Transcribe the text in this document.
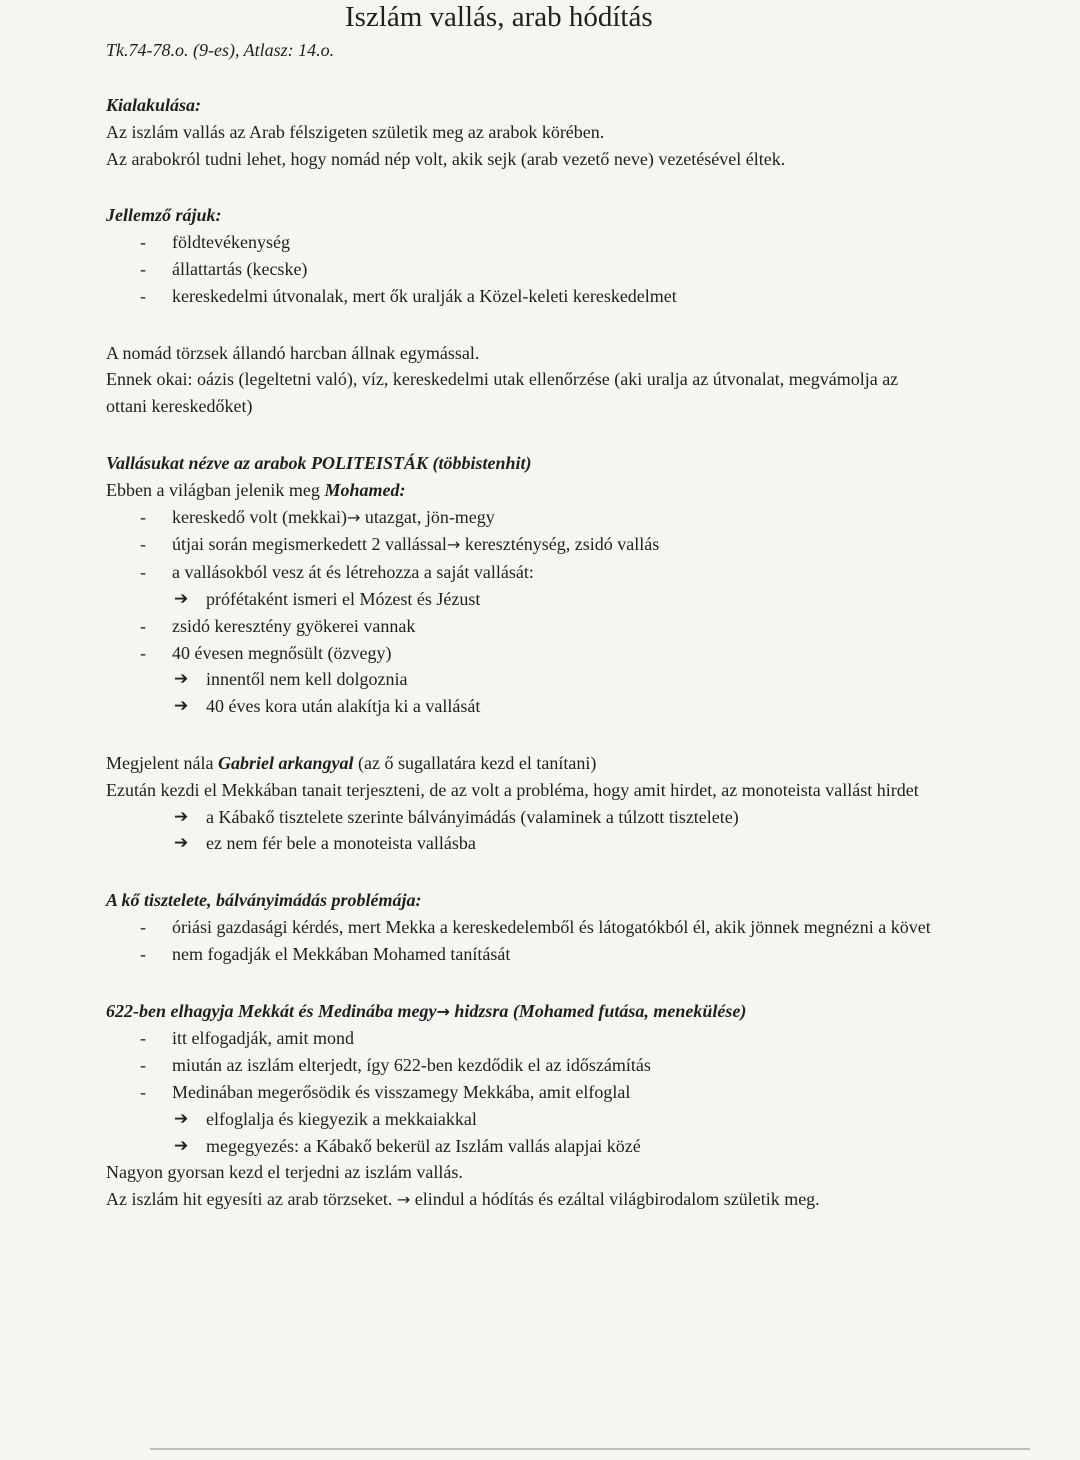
Iszlám vallás, arab hódítás
Tk.74-78.o. (9-es), Atlasz: 14.o.

Kialakulása:

Az iszlám vallás az Arab félszigeten születik meg az arabok körében.

Az arabokról tudni lehet, hogy nomád nép volt, akik sejk (arab vezető neve) vezetésével éltek.

Jellemző rájuk:

- földtevékenység
- állattartás (kecske)
- kereskedelmi útvonalak, mert ők uralják a Közel-keleti kereskedelmet

A nomád törzsek állandó harcban állnak egymással.

Ennek okai: oázis (legeltetni való), víz, kereskedelmi utak ellenőrzése (aki uralja az útvonalat, megvámolja az ottani kereskedőket)

Vallásukat nézve az arabok POLITEISTÁK (többistenhit)

Ebben a világban jelenik meg Mohamed:

- kereskedő volt (mekkai)→ utazgat, jön-megy
- útjai során megismerkedett 2 vallással→ kereszténység, zsidó vallás
- a vallásokból vesz át és létrehozza a saját vallását:

➔ prófétaként ismeri el Mózest és Jézust

- zsidó keresztény gyökerei vannak
- 40 évesen megnősült (özvegy)

➔ innentől nem kell dolgoznia

➔ 40 éves kora után alakítja ki a vallását

Megjelent nála Gabriel arkangyal (az ő sugallatára kezd el tanítani)

Ezután kezdi el Mekkában tanait terjeszteni, de az volt a probléma, hogy amit hirdet, az monoteista vallást hirdet

➔ a Kábakő tisztelete szerinte bálványimádás (valaminek a túlzott tisztelete)

➔ ez nem fér bele a monoteista vallásba

A kő tisztelete, bálványimádás problémája:

- óriási gazdasági kérdés, mert Mekka a kereskedelemből és látogatókból él, akik jönnek megnézni a követ
- nem fogadják el Mekkában Mohamed tanítását

622-ben elhagyja Mekkát és Medinába megy→ hidzsra (Mohamed futása, menekülése)

- itt elfogadják, amit mond
- miután az iszlám elterjedt, így 622-ben kezdődik el az időszámítás
- Medinában megerősödik és visszamegy Mekkába, amit elfoglal

➔ elfoglalja és kiegyezik a mekkaiakkal

➔ megegyezés: a Kábakő bekerül az Iszlám vallás alapjai közé

Nagyon gyorsan kezd el terjedni az iszlám vallás.

Az iszlám hit egyesíti az arab törzseket. → elindul a hódítás és ezáltal világbirodalom születik meg.
